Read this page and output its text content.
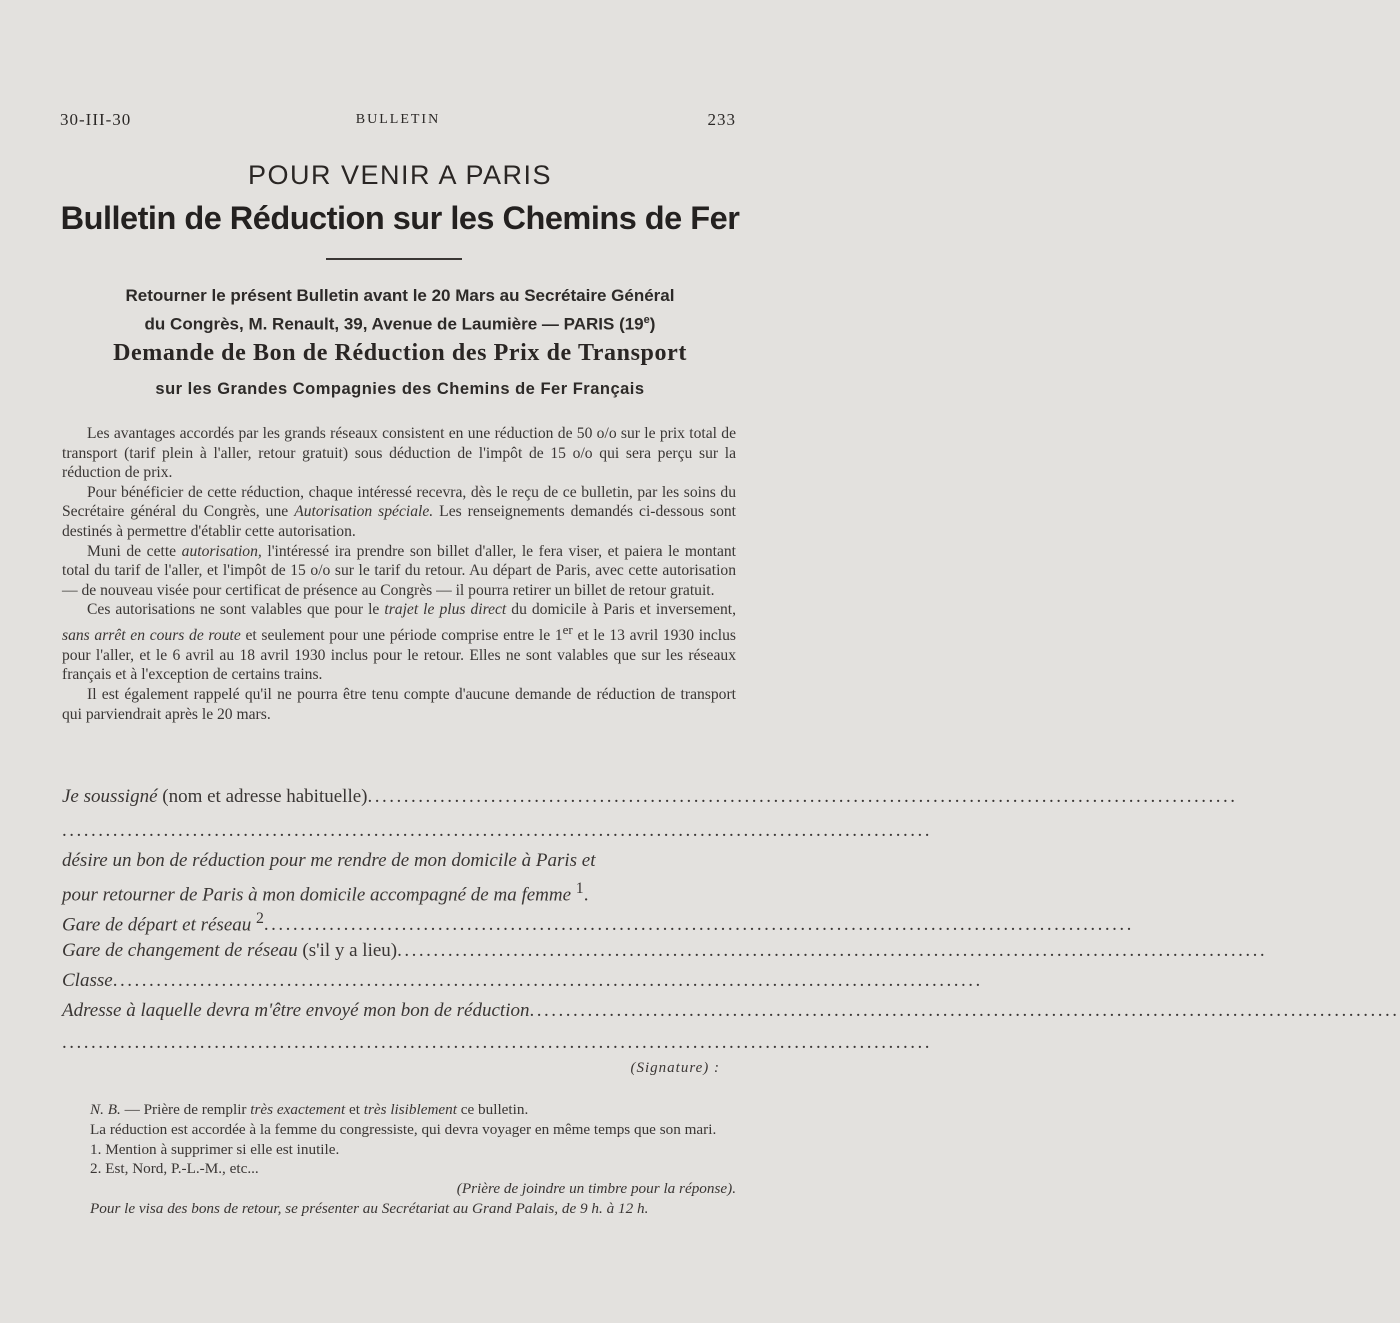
30-III-30	BULLETIN	233
POUR VENIR A PARIS
Bulletin de Réduction sur les Chemins de Fer
Retourner le présent Bulletin avant le 20 Mars au Secrétaire Général
du Congrès, M. Renault, 39, Avenue de Laumière — PARIS (19e)
Demande de Bon de Réduction des Prix de Transport
sur les Grandes Compagnies des Chemins de Fer Français

Les avantages accordés par les grands réseaux consistent en une réduction de 50 o/o sur le prix total de transport (tarif plein à l'aller, retour gratuit) sous déduction de l'impôt de 15 o/o qui sera perçu sur la réduction de prix.

Pour bénéficier de cette réduction, chaque intéressé recevra, dès le reçu de ce bulletin, par les soins du Secrétaire général du Congrès, une Autorisation spéciale. Les renseignements demandés ci-dessous sont destinés à permettre d'établir cette autorisation.

Muni de cette autorisation, l'intéressé ira prendre son billet d'aller, le fera viser, et paiera le montant total du tarif de l'aller, et l'impôt de 15 o/o sur le tarif du retour. Au départ de Paris, avec cette autorisation — de nouveau visée pour certificat de présence au Congrès — il pourra retirer un billet de retour gratuit.

Ces autorisations ne sont valables que pour le trajet le plus direct du domicile à Paris et inversement, sans arrêt en cours de route et seulement pour une période comprise entre le 1er et le 13 avril 1930 inclus pour l'aller, et le 6 avril au 18 avril 1930 inclus pour le retour. Elles ne sont valables que sur les réseaux français et à l'exception de certains trains.

Il est également rappelé qu'il ne pourra être tenu compte d'aucune demande de réduction de transport qui parviendrait après le 20 mars.

Je soussigné (nom et adresse habituelle)........................................................................................................................
........................................................................................................................
désire un bon de réduction pour me rendre de mon domicile à Paris et
pour retourner de Paris à mon domicile accompagné de ma femme $^1$.
Gare de départ et réseau $^2$........................................................................................................................
Gare de changement de réseau (s'il y a lieu)........................................................................................................................
Classe........................................................................................................................
Adresse à laquelle devra m'être envoyé mon bon de réduction........................................................................................................................
........................................................................................................................
(Signature) :

N. B. — Prière de remplir très exactement et très lisiblement ce bulletin.

La réduction est accordée à la femme du congressiste, qui devra voyager en même temps que son mari.

1. Mention à supprimer si elle est inutile.

2. Est, Nord, P.-L.-M., etc...

(Prière de joindre un timbre pour la réponse).

Pour le visa des bons de retour, se présenter au Secrétariat au Grand Palais, de 9 h. à 12 h.
